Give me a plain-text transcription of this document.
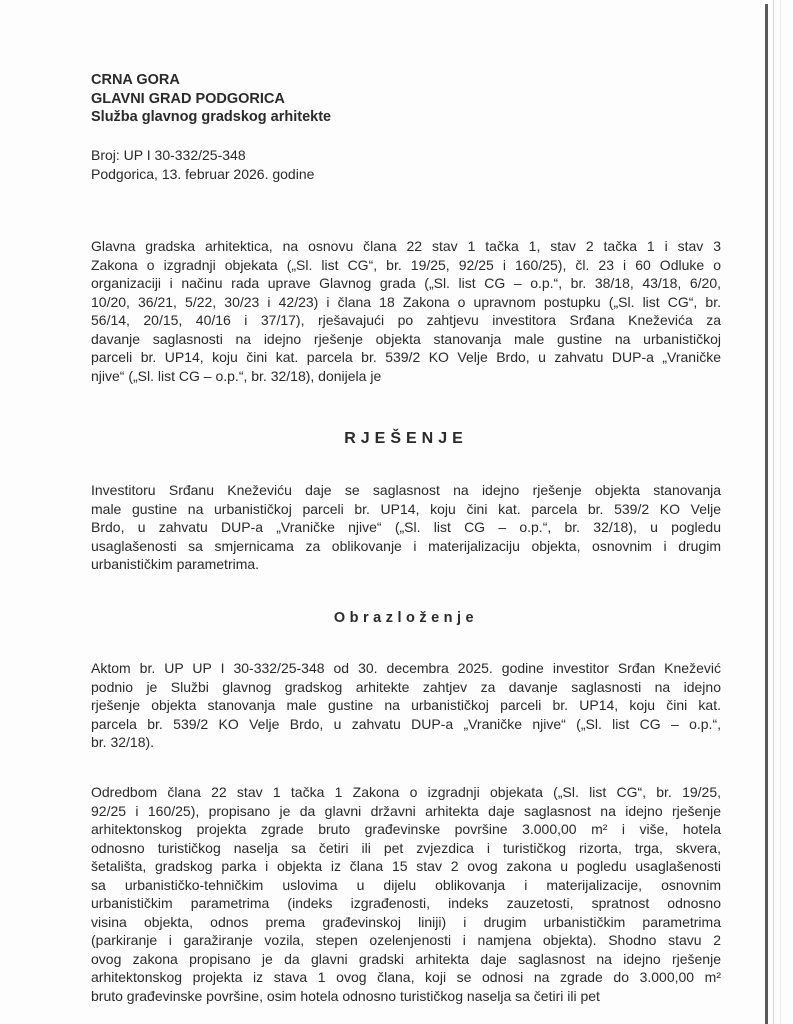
CRNA GORA
GLAVNI GRAD PODGORICA
Služba glavnog gradskog arhitekte
Broj: UP I 30-332/25-348
Podgorica, 13. februar 2026. godine
Glavna gradska arhitektica, na osnovu člana 22 stav 1 tačka 1, stav 2 tačka 1 i stav 3
Zakona o izgradnji objekata („Sl. list CG“, br. 19/25, 92/25 i 160/25), čl. 23 i 60 Odluke o
organizaciji i načinu rada uprave Glavnog grada („Sl. list CG – o.p.“, br. 38/18, 43/18, 6/20,
10/20, 36/21, 5/22, 30/23 i 42/23) i člana 18 Zakona o upravnom postupku („Sl. list CG“, br.
56/14, 20/15, 40/16 i 37/17), rješavajući po zahtjevu investitora Srđana Kneževića za
davanje saglasnosti na idejno rješenje objekta stanovanja male gustine na urbanističkoj
parceli br. UP14, koju čini kat. parcela br. 539/2 KO Velje Brdo, u zahvatu DUP-a „Vraničke
njive“ („Sl. list CG – o.p.“, br. 32/18), donijela je
RJEŠENJE
Investitoru Srđanu Kneževiću daje se saglasnost na idejno rješenje objekta stanovanja
male gustine na urbanističkoj parceli br. UP14, koju čini kat. parcela br. 539/2 KO Velje
Brdo, u zahvatu DUP-a „Vraničke njive“ („Sl. list CG – o.p.“, br. 32/18), u pogledu
usaglašenosti sa smjernicama za oblikovanje i materijalizaciju objekta, osnovnim i drugim
urbanističkim parametrima.
Obrazloženje
Aktom br. UP UP I 30-332/25-348 od 30. decembra 2025. godine investitor Srđan Knežević
podnio je Službi glavnog gradskog arhitekte zahtjev za davanje saglasnosti na idejno
rješenje objekta stanovanja male gustine na urbanističkoj parceli br. UP14, koju čini kat.
parcela br. 539/2 KO Velje Brdo, u zahvatu DUP-a „Vraničke njive“ („Sl. list CG – o.p.“,
br. 32/18).
Odredbom člana 22 stav 1 tačka 1 Zakona o izgradnji objekata („Sl. list CG“, br. 19/25,
92/25 i 160/25), propisano je da glavni državni arhitekta daje saglasnost na idejno rješenje
arhitektonskog projekta zgrade bruto građevinske površine 3.000,00 m² i više, hotela
odnosno turističkog naselja sa četiri ili pet zvjezdica i turističkog rizorta, trga, skvera,
šetališta, gradskog parka i objekta iz člana 15 stav 2 ovog zakona u pogledu usaglašenosti
sa urbanističko-tehničkim uslovima u dijelu oblikovanja i materijalizacije, osnovnim
urbanističkim parametrima (indeks izgrađenosti, indeks zauzetosti, spratnost odnosno
visina objekta, odnos prema građevinskoj liniji) i drugim urbanističkim parametrima
(parkiranje i garažiranje vozila, stepen ozelenjenosti i namjena objekta). Shodno stavu 2
ovog zakona propisano je da glavni gradski arhitekta daje saglasnost na idejno rješenje
arhitektonskog projekta iz stava 1 ovog člana, koji se odnosi na zgrade do 3.000,00 m²
bruto građevinske površine, osim hotela odnosno turističkog naselja sa četiri ili pet
